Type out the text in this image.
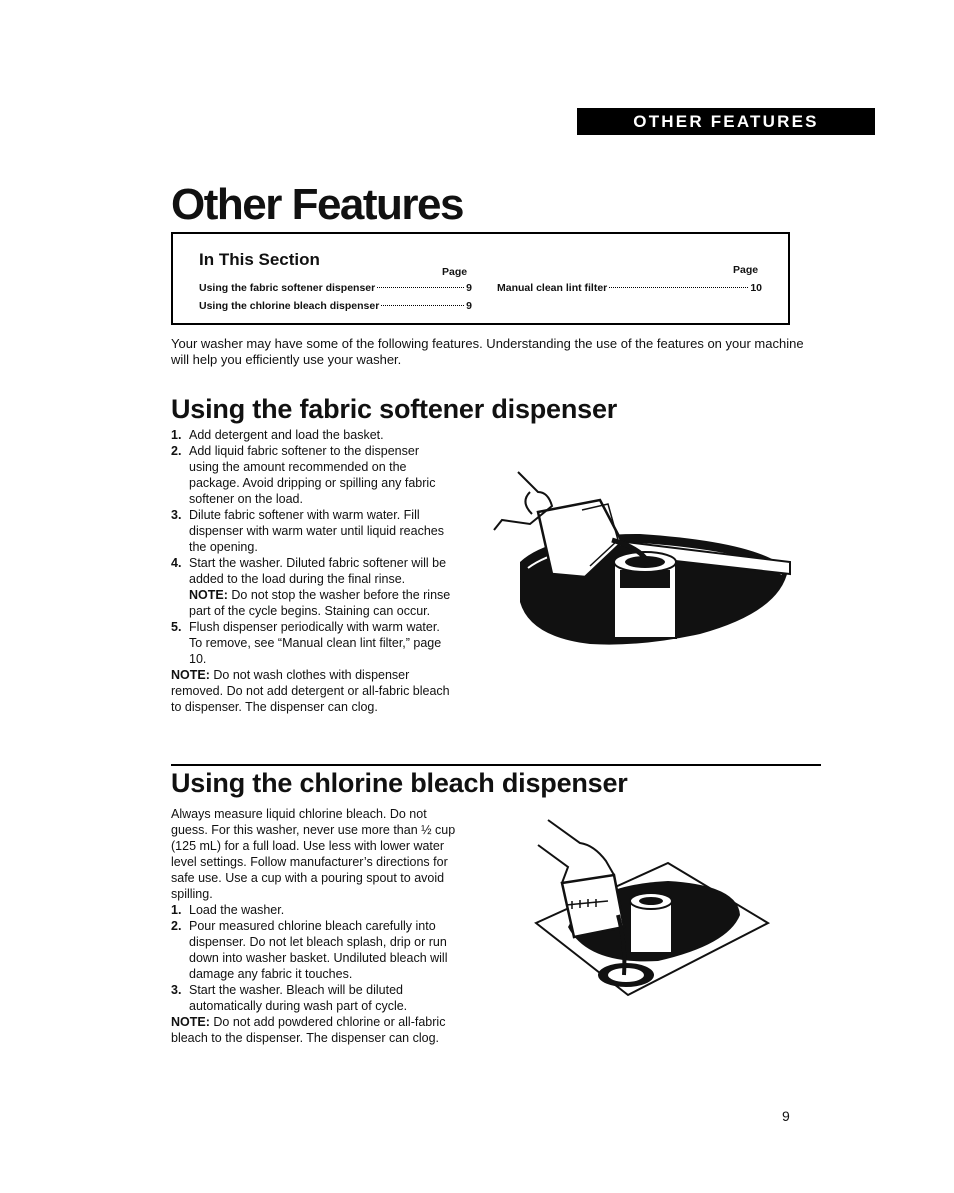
OTHER FEATURES
Other Features
In This Section
Page	Page
Using the fabric softener dispenser	9
Using the chlorine bleach dispenser	9
Manual clean lint filter	10
Your washer may have some of the following features. Understanding the use of the features on your machine will help you efficiently use your washer.
Using the fabric softener dispenser
1. Add detergent and load the basket.
2. Add liquid fabric softener to the dispenser using the amount recommended on the package. Avoid dripping or spilling any fabric softener on the load.
3. Dilute fabric softener with warm water. Fill dispenser with warm water until liquid reaches the opening.
4. Start the washer. Diluted fabric softener will be added to the load during the final rinse.
NOTE: Do not stop the washer before the rinse part of the cycle begins. Staining can occur.
5. Flush dispenser periodically with warm water. To remove, see “Manual clean lint filter,” page 10.
NOTE: Do not wash clothes with dispenser removed. Do not add detergent or all-fabric bleach to dispenser. The dispenser can clog.
Using the chlorine bleach dispenser
Always measure liquid chlorine bleach. Do not guess. For this washer, never use more than ½ cup (125 mL) for a full load. Use less with lower water level settings. Follow manufacturer’s directions for safe use. Use a cup with a pouring spout to avoid spilling.
1. Load the washer.
2. Pour measured chlorine bleach carefully into dispenser. Do not let bleach splash, drip or run down into washer basket. Undiluted bleach will damage any fabric it touches.
3. Start the washer. Bleach will be diluted automatically during wash part of cycle.
NOTE: Do not add powdered chlorine or all-fabric bleach to the dispenser. The dispenser can clog.
9
